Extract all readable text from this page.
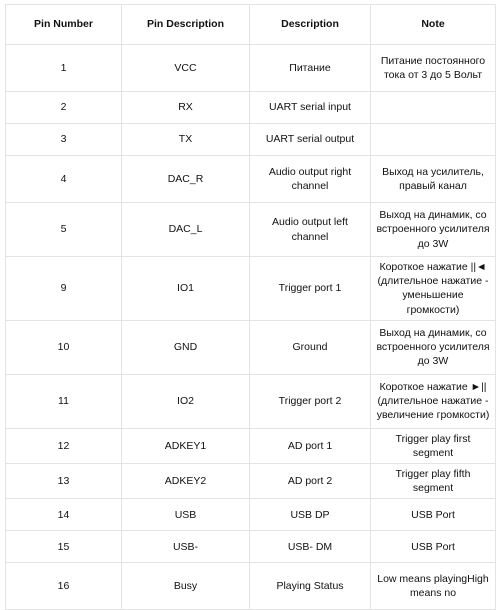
Pin Number	Pin Description	Description	Note
1	VCC	Питание	Питание постоянного тока от 3 до 5 Вольт
2	RX	UART serial input	
3	TX	UART serial output	
4	DAC_R	Audio output right channel	Выход на усилитель, правый канал
5	DAC_L	Audio output left channel	Выход на динамик, со встроенного усилителя до 3W
9	IO1	Trigger port 1	Короткое нажатие ||◄ (длительное нажатие - уменьшение громкости)
10	GND	Ground	Выход на динамик, со встроенного усилителя до 3W
11	IO2	Trigger port 2	Короткое нажатие ►|| (длительное нажатие - увеличение громкости)
12	ADKEY1	AD port 1	Trigger play first segment
13	ADKEY2	AD port 2	Trigger play fifth segment
14	USB	USB DP	USB Port
15	USB-	USB- DM	USB Port
16	Busy	Playing Status	Low means playingHigh means no
